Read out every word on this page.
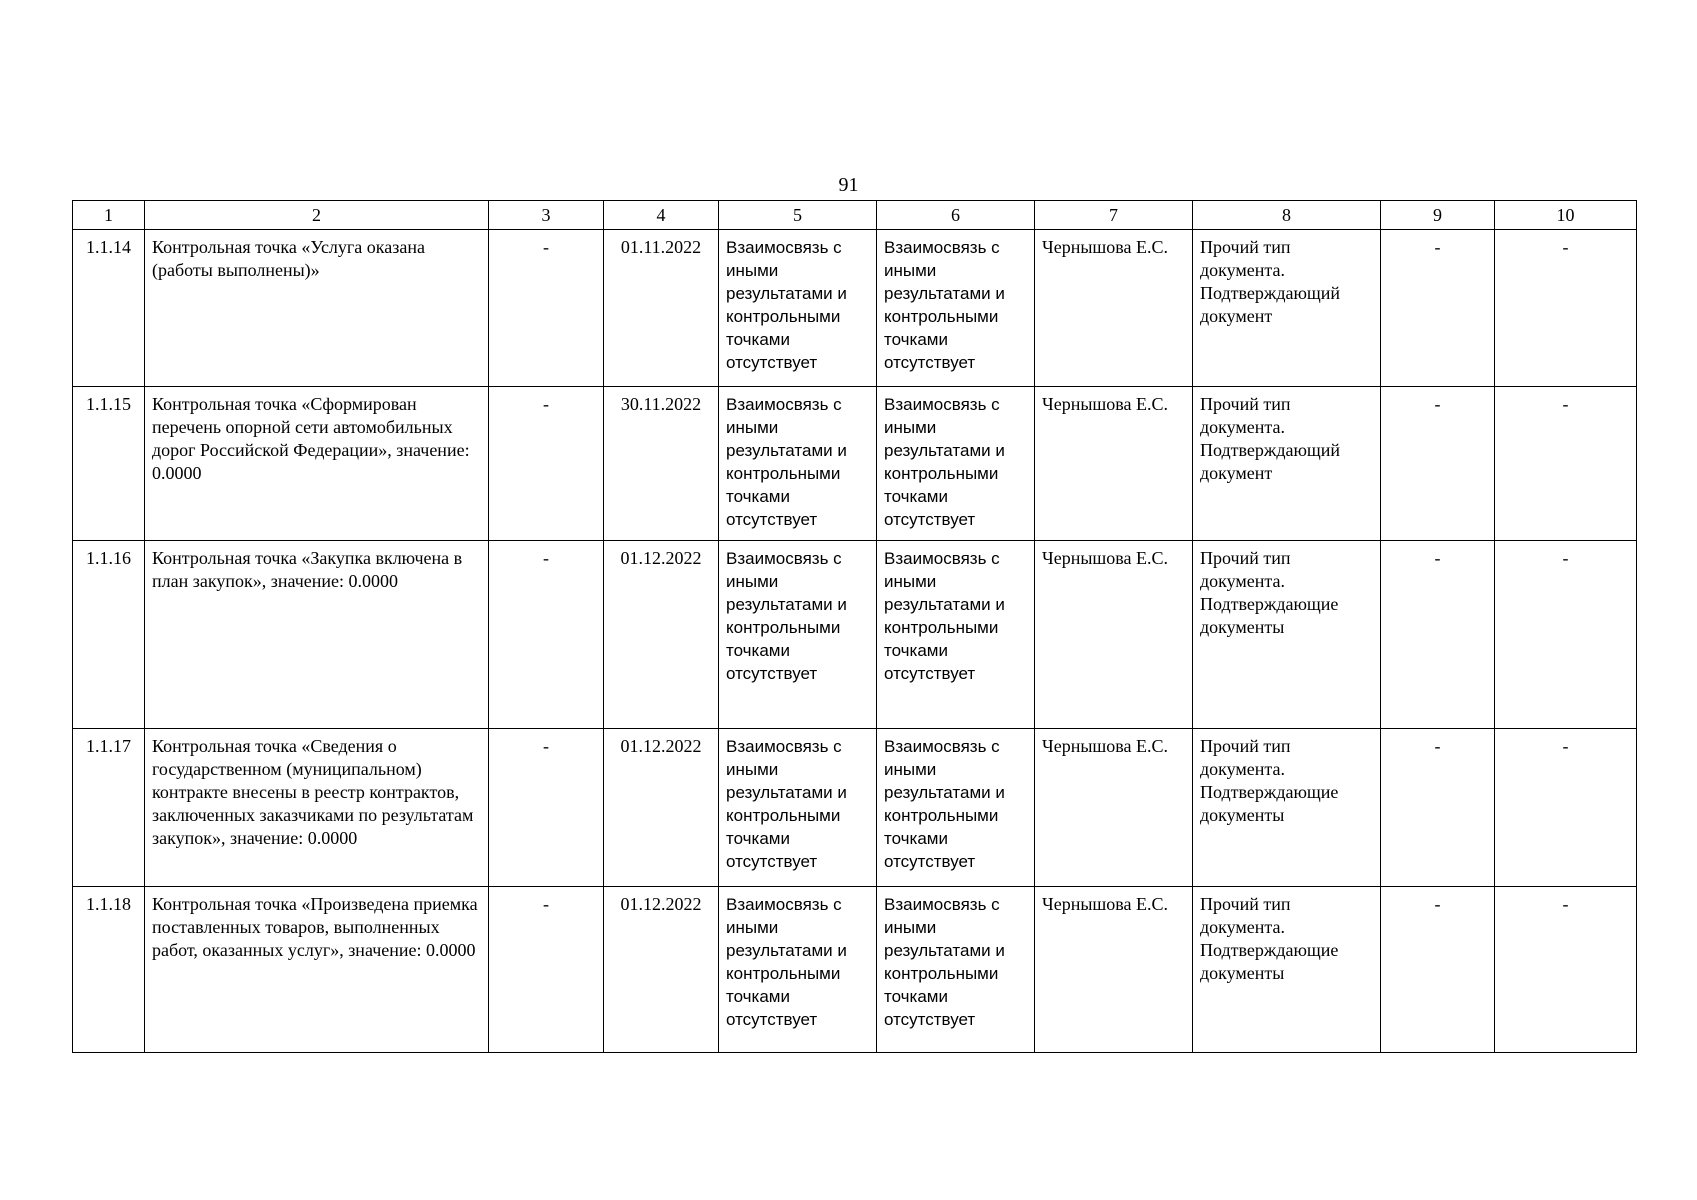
91
1	2	3	4	5	6	7	8	9	10

1.1.14	Контрольная точка «Услуга оказана (работы выполнены)»	-	01.11.2022	Взаимосвязь с иными результатами и контрольными точками отсутствует	Взаимосвязь с иными результатами и контрольными точками отсутствует	Чернышова Е.С.	Прочий тип документа. Подтверждающий документ	-	-

1.1.15	Контрольная точка «Сформирован перечень опорной сети автомобильных дорог Российской Федерации», значение: 0.0000	-	30.11.2022	Взаимосвязь с иными результатами и контрольными точками отсутствует	Взаимосвязь с иными результатами и контрольными точками отсутствует	Чернышова Е.С.	Прочий тип документа. Подтверждающий документ	-	-

1.1.16	Контрольная точка «Закупка включена в план закупок», значение: 0.0000	-	01.12.2022	Взаимосвязь с иными результатами и контрольными точками отсутствует	Взаимосвязь с иными результатами и контрольными точками отсутствует	Чернышова Е.С.	Прочий тип документа. Подтверждающие документы	-	-

1.1.17	Контрольная точка «Сведения о государственном (муниципальном) контракте внесены в реестр контрактов, заключенных заказчиками по результатам закупок», значение: 0.0000	-	01.12.2022	Взаимосвязь с иными результатами и контрольными точками отсутствует	Взаимосвязь с иными результатами и контрольными точками отсутствует	Чернышова Е.С.	Прочий тип документа. Подтверждающие документы	-	-

1.1.18	Контрольная точка «Произведена приемка поставленных товаров, выполненных работ, оказанных услуг», значение: 0.0000	-	01.12.2022	Взаимосвязь с иными результатами и контрольными точками отсутствует	Взаимосвязь с иными результатами и контрольными точками отсутствует	Чернышова Е.С.	Прочий тип документа. Подтверждающие документы	-	-
